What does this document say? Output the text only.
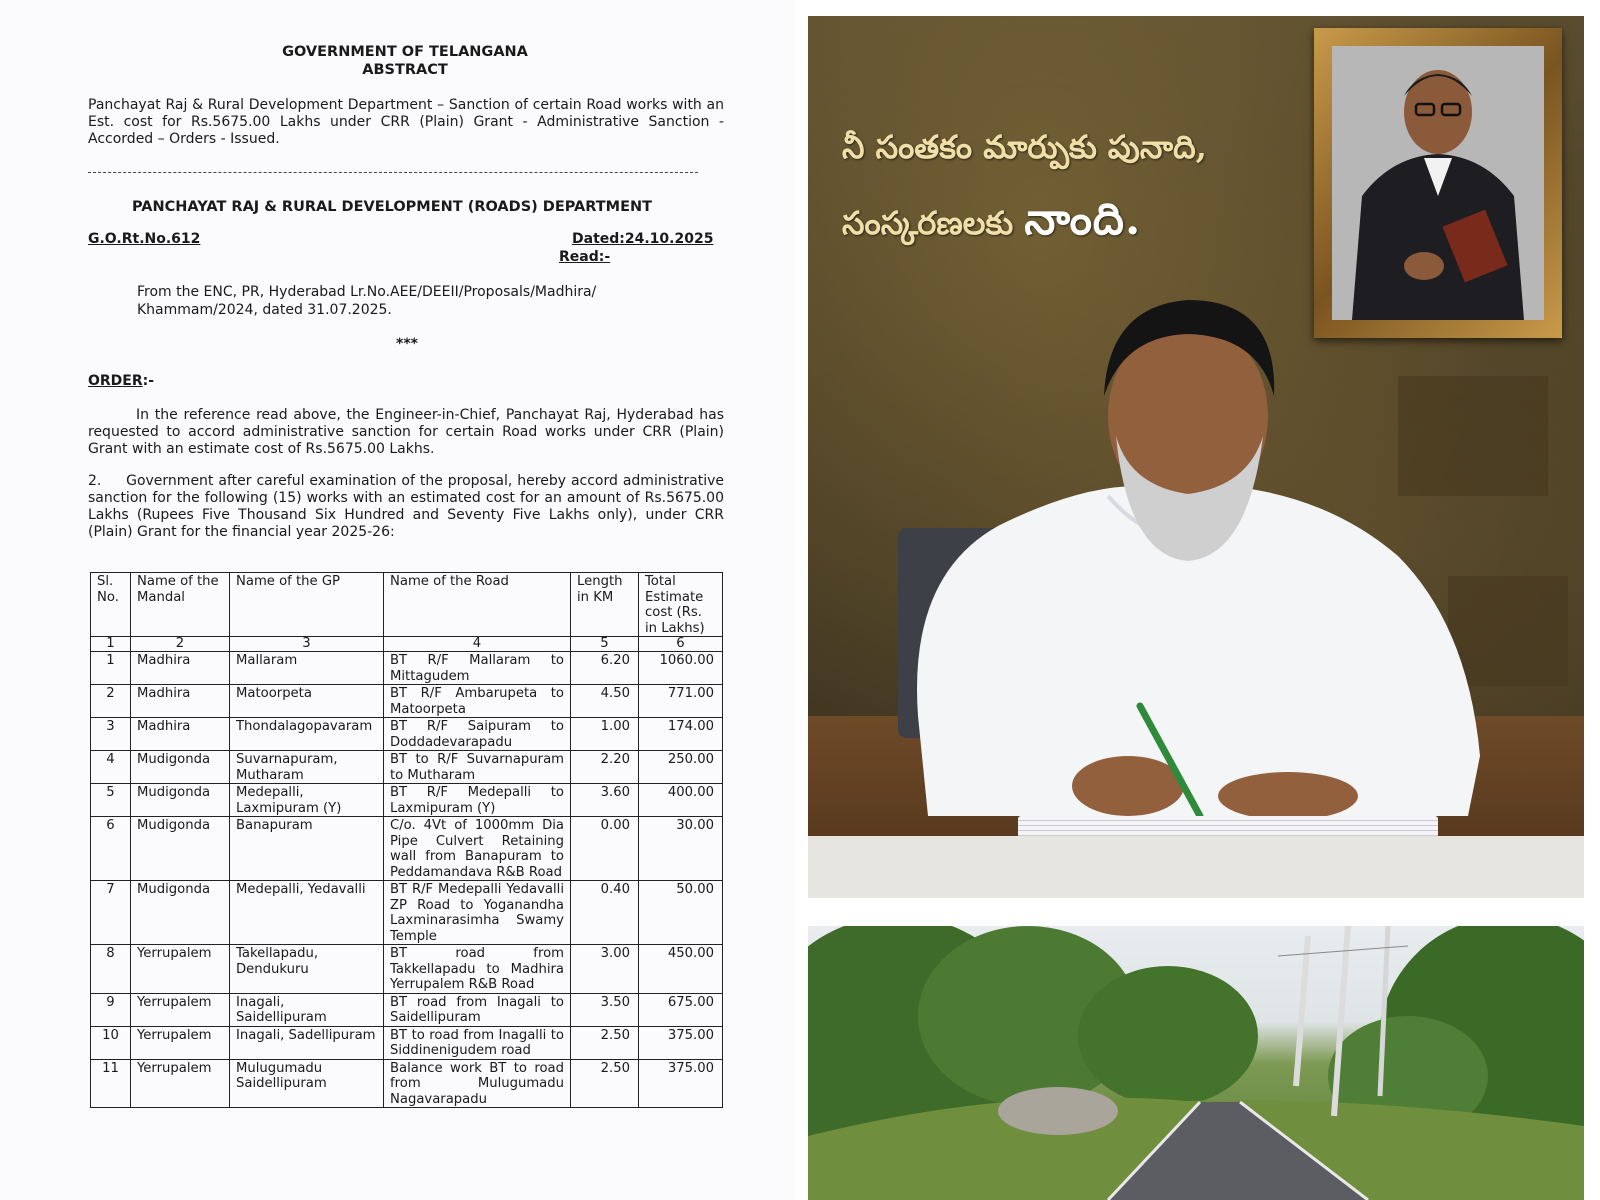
GOVERNMENT OF TELANGANA
ABSTRACT
Panchayat Raj & Rural Development Department – Sanction of certain Road works with an Est. cost for Rs.5675.00 Lakhs under CRR (Plain) Grant - Administrative Sanction - Accorded – Orders - Issued.
PANCHAYAT RAJ & RURAL DEVELOPMENT (ROADS) DEPARTMENT
G.O.Rt.No.612	Dated:24.10.2025
Read:-
From the ENC, PR, Hyderabad Lr.No.AEE/DEEII/Proposals/Madhira/
Khammam/2024, dated 31.07.2025.
***
ORDER:-
In the reference read above, the Engineer-in-Chief, Panchayat Raj, Hyderabad has requested to accord administrative sanction for certain Road works under CRR (Plain) Grant with an estimate cost of Rs.5675.00 Lakhs.
2.     Government after careful examination of the proposal, hereby accord administrative sanction for the following (15) works with an estimated cost for an amount of Rs.5675.00 Lakhs (Rupees Five Thousand Six Hundred and Seventy Five Lakhs only), under CRR (Plain) Grant for the financial year 2025-26:
Sl. No.	Name of the Mandal	Name of the GP	Name of the Road	Length in KM	Total Estimate cost (Rs. in Lakhs)
1	2	3	4	5	6
1	Madhira	Mallaram	BT R/F Mallaram to Mittagudem	6.20	1060.00
2	Madhira	Matoorpeta	BT R/F Ambarupeta to Matoorpeta	4.50	771.00
3	Madhira	Thondalagopavaram	BT R/F Saipuram to Doddadevarapadu	1.00	174.00
4	Mudigonda	Suvarnapuram, Mutharam	BT to R/F Suvarnapuram to Mutharam	2.20	250.00
5	Mudigonda	Medepalli, Laxmipuram (Y)	BT R/F Medepalli to Laxmipuram (Y)	3.60	400.00
6	Mudigonda	Banapuram	C/o. 4Vt of 1000mm Dia Pipe Culvert Retaining wall from Banapuram to Peddamandava R&B Road	0.00	30.00
7	Mudigonda	Medepalli, Yedavalli	BT R/F Medepalli Yedavalli ZP Road to Yoganandha Laxminarasimha Swamy Temple	0.40	50.00
8	Yerrupalem	Takellapadu, Dendukuru	BT road from Takkellapadu to Madhira Yerrupalem R&B Road	3.00	450.00
9	Yerrupalem	Inagali, Saidellipuram	BT road from Inagali to Saidellipuram	3.50	675.00
10	Yerrupalem	Inagali, Sadellipuram	BT to road from Inagalli to Siddinenigudem road	2.50	375.00
11	Yerrupalem	Mulugumadu Saidellipuram	Balance work BT to road from Mulugumadu Nagavarapadu	2.50	375.00
నీ సంతకం మార్పుకు పునాది,
సంస్కరణలకు నాంది.
